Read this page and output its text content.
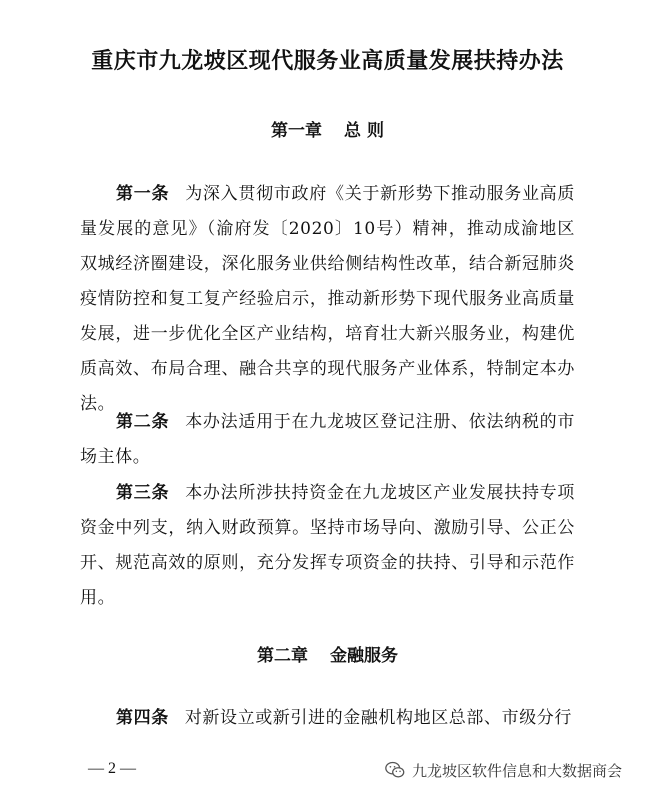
重庆市九龙坡区现代服务业高质量发展扶持办法
第一章 总 则
第一条 为深入贯彻市政府《关于新形势下推动服务业高质量发展的意见》（渝府发〔2020〕10号）精神，推动成渝地区双城经济圈建设，深化服务业供给侧结构性改革，结合新冠肺炎疫情防控和复工复产经验启示，推动新形势下现代服务业高质量发展，进一步优化全区产业结构，培育壮大新兴服务业，构建优质高效、布局合理、融合共享的现代服务产业体系，特制定本办法。
第二条 本办法适用于在九龙坡区登记注册、依法纳税的市场主体。
第三条 本办法所涉扶持资金在九龙坡区产业发展扶持专项资金中列支，纳入财政预算。坚持市场导向、激励引导、公正公开、规范高效的原则，充分发挥专项资金的扶持、引导和示范作用。
第二章 金融服务
第四条 对新设立或新引进的金融机构地区总部、市级分行
— 2 —	九龙坡区软件信息和大数据商会
